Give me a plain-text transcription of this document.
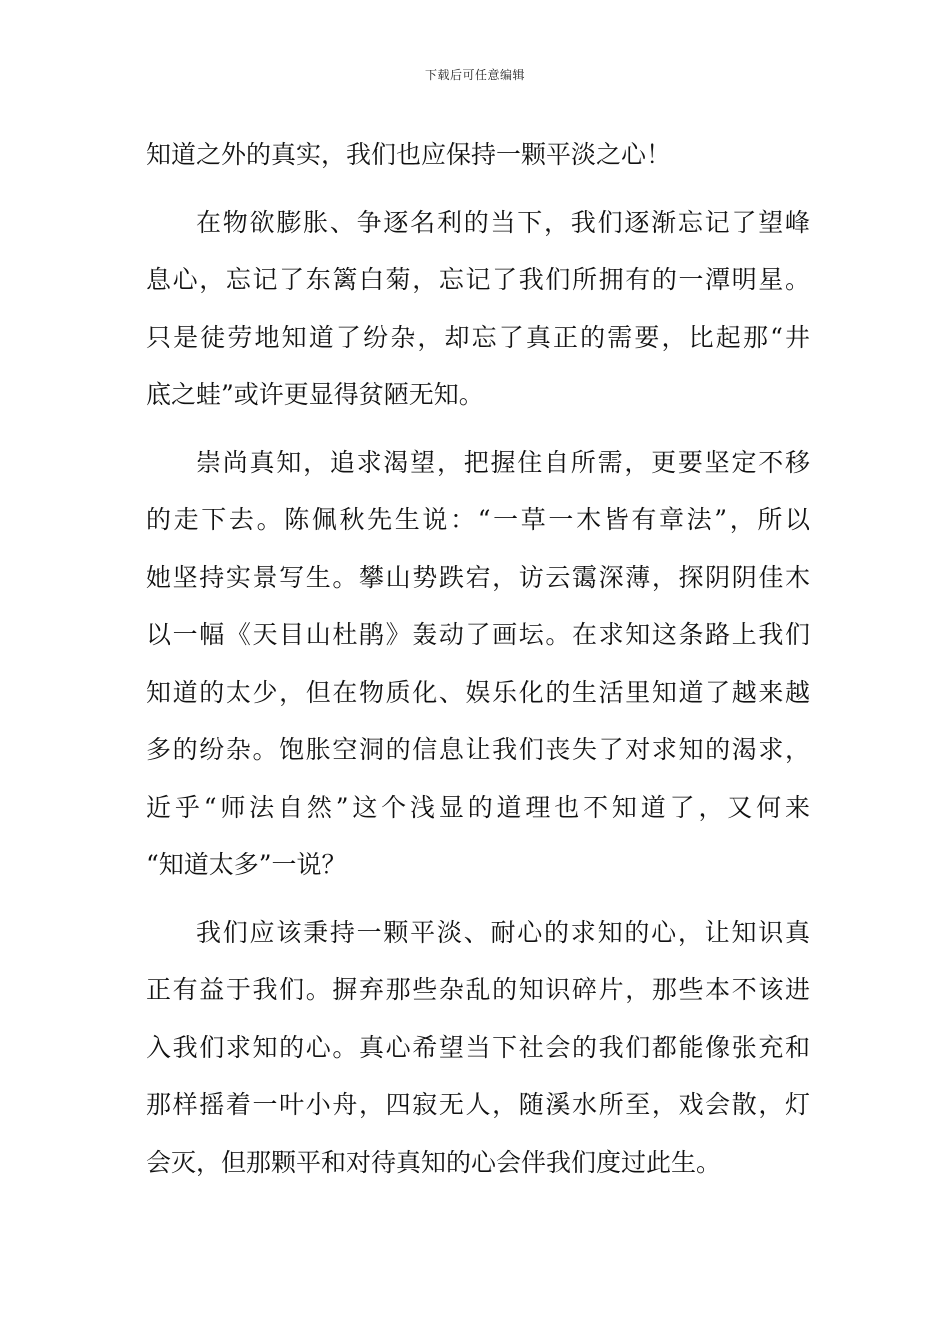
下载后可任意编辑
知道之外的真实，我们也应保持一颗平淡之心！
在物欲膨胀、争逐名利的当下，我们逐渐忘记了望峰
息心，忘记了东篱白菊，忘记了我们所拥有的一潭明星。
只是徒劳地知道了纷杂，却忘了真正的需要，比起那“井
底之蛙”或许更显得贫陋无知。
崇尚真知，追求渴望，把握住自所需，更要坚定不移
的走下去。陈佩秋先生说：“一草一木皆有章法”，所以
她坚持实景写生。攀山势跌宕，访云霭深薄，探阴阴佳木
以一幅《天目山杜鹃》轰动了画坛。在求知这条路上我们
知道的太少，但在物质化、娱乐化的生活里知道了越来越
多的纷杂。饱胀空洞的信息让我们丧失了对求知的渴求，
近乎“师法自然”这个浅显的道理也不知道了，又何来
“知道太多”一说？
我们应该秉持一颗平淡、耐心的求知的心，让知识真
正有益于我们。摒弃那些杂乱的知识碎片，那些本不该进
入我们求知的心。真心希望当下社会的我们都能像张充和
那样摇着一叶小舟，四寂无人，随溪水所至，戏会散，灯
会灭，但那颗平和对待真知的心会伴我们度过此生。
